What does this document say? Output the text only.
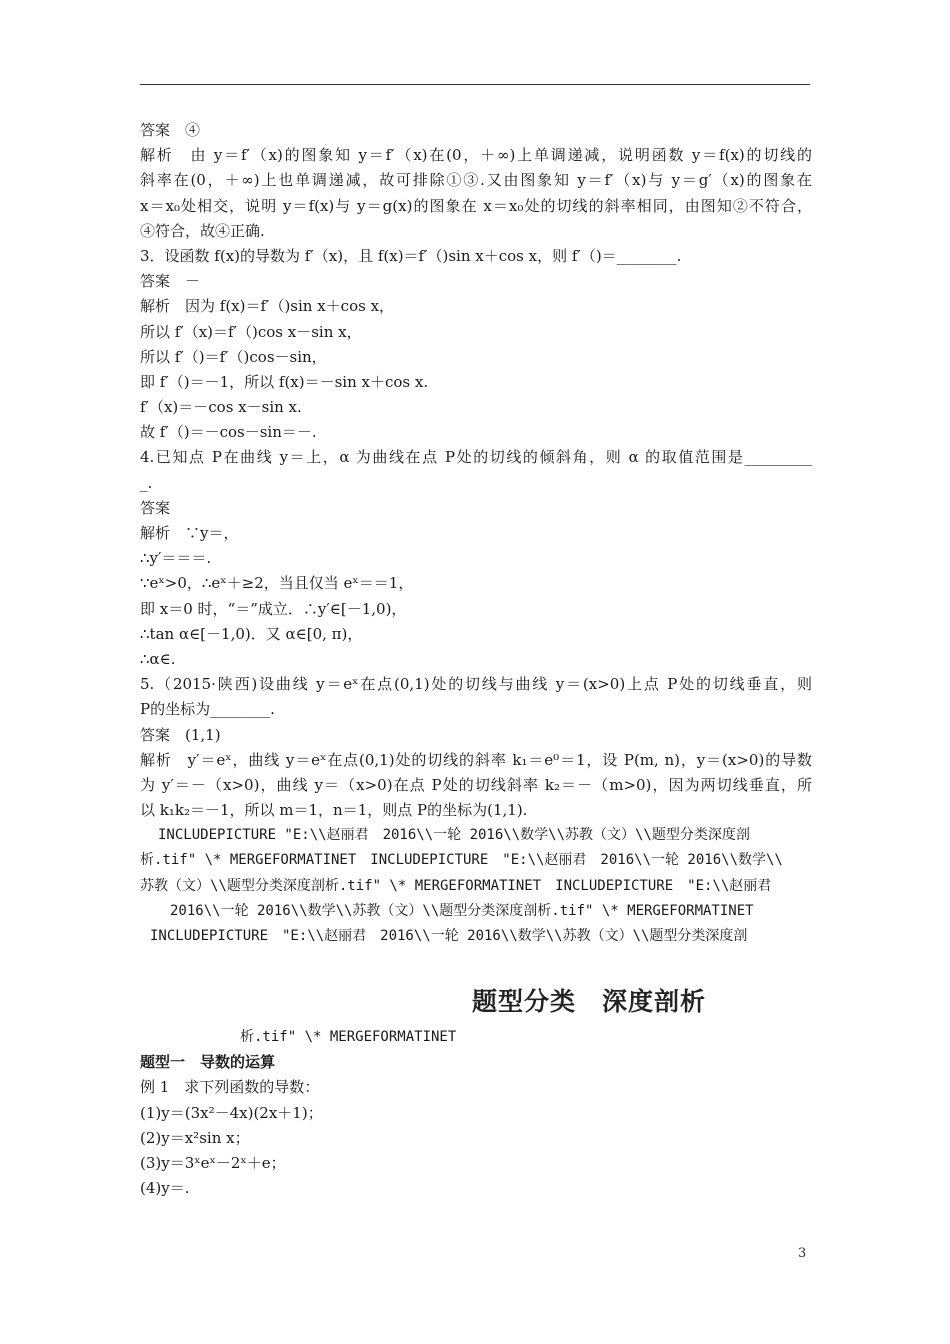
答案　④
解析　由 y＝f′（x)的图象知 y＝f′（x)在(0，＋∞)上单调递减，说明函数 y＝f(x)的切线的
斜率在(0，＋∞)上也单调递减，故可排除①③.又由图象知 y＝f′（x)与 y＝g′（x)的图象在
x＝x₀处相交，说明 y＝f(x)与 y＝g(x)的图象在 x＝x₀处的切线的斜率相同，由图知②不符合，
④符合，故④正确.
3．设函数 f(x)的导数为 f′（x)，且 f(x)＝f′（)sin x＋cos x，则 f′（)＝________.
答案　－
解析　因为 f(x)＝f′（)sin x＋cos x，
所以 f′（x)＝f′（)cos x－sin x，
所以 f′（)＝f′（)cos－sin，
即 f′（)＝－1，所以 f(x)＝－sin x＋cos x.
f′（x)＝－cos x－sin x.
故 f′（)＝－cos－sin＝－.
4.已知点 P在曲线 y＝上，α 为曲线在点 P处的切线的倾斜角，则 α 的取值范围是_________
_.
答案
解析　∵y＝，
∴y′＝＝＝.
∵eˣ>0，∴eˣ＋≥2，当且仅当 eˣ＝＝1，
即 x＝0 时，“＝”成立．∴y′∈[－1,0)，
∴tan α∈[－1,0)．又 α∈[0, π)，
∴α∈.
5.（2015·陕西)设曲线 y＝eˣ在点(0,1)处的切线与曲线 y＝(x>0)上点 P处的切线垂直，则
P的坐标为________.
答案　(1,1)
解析　y′＝eˣ，曲线 y＝eˣ在点(0,1)处的切线的斜率 k₁＝e⁰＝1，设 P(m, n)，y＝(x>0)的导数
为 y′＝－（x>0)，曲线 y＝（x>0)在点 P处的切线斜率 k₂＝－（m>0)，因为两切线垂直，所
以 k₁k₂＝－1，所以 m＝1，n＝1，则点 P的坐标为(1,1).
INCLUDEPICTURE "E:\\赵丽君　2016\\一轮 2016\\数学\\苏教（文）\\题型分类深度剖
析.tif" \* MERGEFORMATINET　INCLUDEPICTURE　"E:\\赵丽君　2016\\一轮 2016\\数学\\
苏教（文）\\题型分类深度剖析.tif" \* MERGEFORMATINET　INCLUDEPICTURE　"E:\\赵丽君
2016\\一轮 2016\\数学\\苏教（文）\\题型分类深度剖析.tif" \* MERGEFORMATINET
INCLUDEPICTURE　"E:\\赵丽君　2016\\一轮 2016\\数学\\苏教（文）\\题型分类深度剖
题型分类　深度剖析
析.tif" \* MERGEFORMATINET
题型一　导数的运算
例 1　求下列函数的导数：
(1)y＝(3x²－4x)(2x＋1)；
(2)y＝x²sin x；
(3)y＝3ˣeˣ－2ˣ＋e；
(4)y＝.
3
